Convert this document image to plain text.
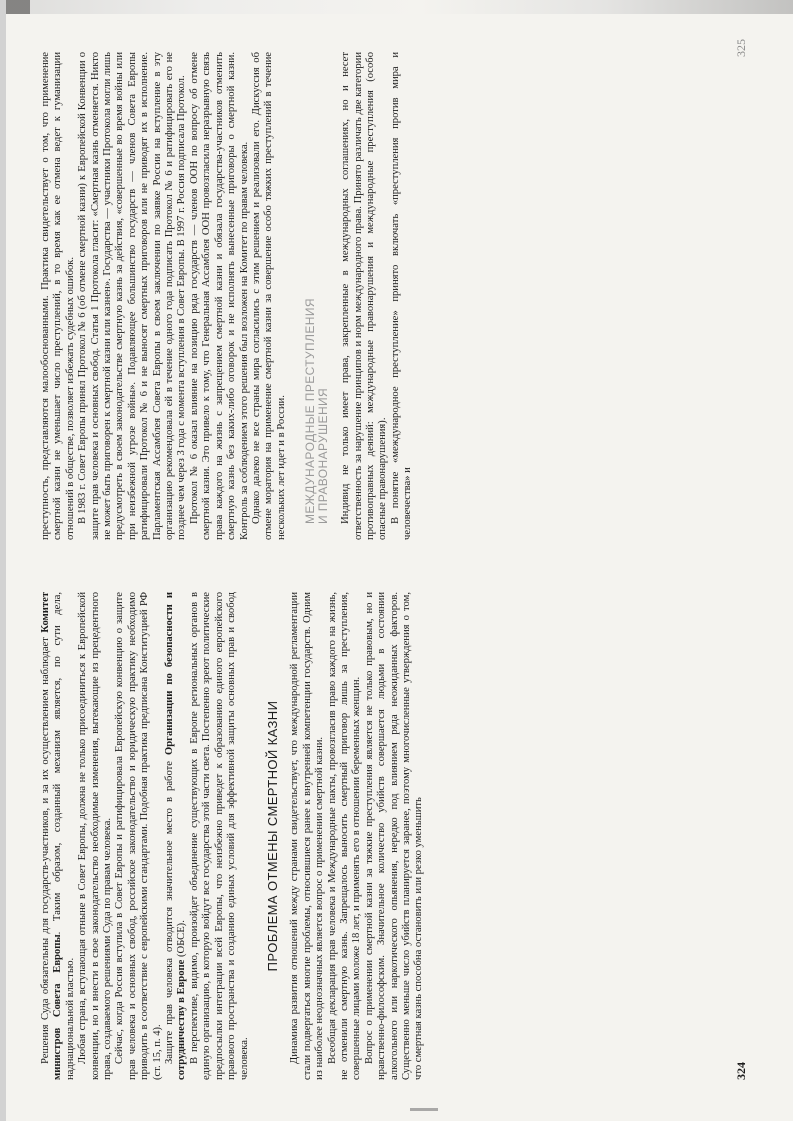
Решения Суда обязательны для государств-участников, и за их осуществлением наблюдает Комитет министров Совета Европы. Таким образом, созданный механизм является, по сути дела, наднациональной властью. Любая страна, вступающая отныне в Совет Европы, должна не только присоединиться к Европейской конвенции, но и внести в свое законодательство необходимые изменения, вытекающие из прецедентного права, создаваемого решениями Суда по правам человека. Сейчас, когда Россия вступила в Совет Европы и ратифицировала Европейскую конвенцию о защите прав человека и основных свобод, российское законодательство и юридическую практику необходимо приводить в соответствие с европейскими стандартами. Подобная практика предписана Конституцией РФ (ст. 15, п. 4). Защите прав человека отводится значительное место в работе Организации по безопасности и сотрудничеству в Европе (ОБСЕ). В перспективе, видимо, произойдет объединение существующих в Европе региональных органов в единую организацию, в которую войдут все государства этой части света. Постепенно зреют политические предпосылки интеграции всей Европы, что неизбежно приведет к образованию единого европейского правового пространства и созданию единых условий для эффективной защиты основных прав и свобод человека.

ПРОБЛЕМА ОТМЕНЫ СМЕРТНОЙ КАЗНИ Динамика развития отношений между странами свидетельствует, что международной регламентации стали подвергаться многие проблемы, относившиеся ранее к внутренней компетенции государств. Одним из наиболее неоднозначных является вопрос о применении смертной казни. Всеобщая декларация прав человека и Международные пакты, провозгласив право каждого на жизнь, не отменили смертную казнь. Запрещалось выносить смертный приговор лишь за преступления, совершенные лицами моложе 18 лет, и применять его в отношении беременных женщин. Вопрос о применении смертной казни за тяжкие преступления является не только правовым, но и нравственно-философским. Значительное количество убийств совершается людьми в состоянии алкогольного или наркотического опьянения, нередко под влиянием ряда неожиданных факторов. Существенно меньше число убийств планируется заранее, поэтому многочисленные утверждения о том, что смертная казнь способна остановить или резко уменьшить

преступность, представляются малообоснованными. Практика свидетельствует о том, что применение смертной казни не уменьшает число преступлений, в то время как ее отмена ведет к гуманизации отношений в обществе, позволяет избежать судебных ошибок. В 1983 г. Совет Европы принял Протокол № 6 (об отмене смертной казни) к Европейской Конвенции о защите прав человека и основных свобод. Статья 1 Протокола гласит: «Смертная казнь отменяется. Никто не может быть приговорен к смертной казни или казнен». Государства — участники Протокола могли лишь предусмотреть в своем законодательстве смертную казнь за действия, «совершенные во время войны или при неизбежной угрозе войны». Подавляющее большинство государств — членов Совета Европы ратифицировали Протокол № 6 и не выносят смертных приговоров или не приводят их в исполнение. Парламентская Ассамблея Совета Европы в своем заключении по заявке России на вступление в эту организацию рекомендовала ей в течение одного года подписать Протокол № 6 и ратифицировать его не позднее чем через 3 года с момента вступления в Совет Европы. В 1997 г. Россия подписала Протокол. Протокол № 6 оказал влияние на позицию ряда государств — членов ООН по вопросу об отмене смертной казни. Это привело к тому, что Генеральная Ассамблея ООН провозгласила неразрывную связь права каждого на жизнь с запрещением смертной казни и обязала государства-участников отменить смертную казнь без каких-либо оговорок и не исполнять вынесенные приговоры о смертной казни. Контроль за соблюдением этого решения был возложен на Комитет по правам человека. Однако далеко не все страны мира согласились с этим решением и реализовали его. Дискуссия об отмене моратория на применение смертной казни за совершение особо тяжких преступлений в течение нескольких лет идет и в России. МЕЖДУНАРОДНЫЕ ПРЕСТУПЛЕНИЯ
И ПРАВОНАРУШЕНИЯ Индивид не только имеет права, закрепленные в международных соглашениях, но и несет ответственность за нарушение принципов и норм международного права. Принято различать две категории противоправных деяний: международные правонарушения и международные преступления (особо опасные правонарушения). В понятие «международное преступление» принято включать «преступления против мира и человечества» и

324
325
